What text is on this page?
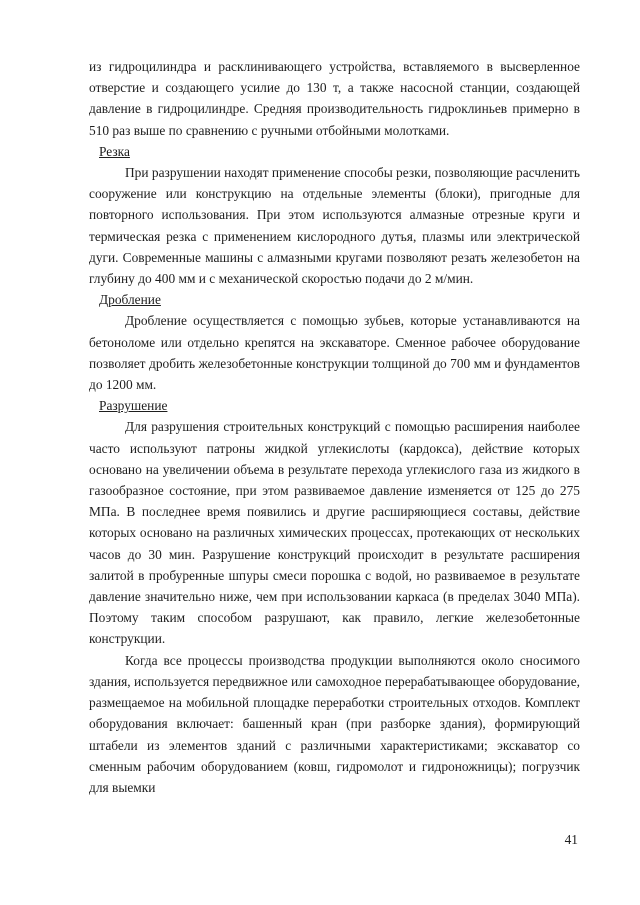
из гидроцилиндра и расклинивающего устройства, вставляемого в высверленное отверстие и создающего усилие до 130 т, а также насосной станции, создающей давление в гидроцилиндре. Средняя производительность гидроклиньев примерно в 510 раз выше по сравнению с ручными отбойными молотками.

Резка

При разрушении находят применение способы резки, позволяющие расчленить сооружение или конструкцию на отдельные элементы (блоки), пригодные для повторного использования. При этом используются алмазные отрезные круги и термическая резка с применением кислородного дутья, плазмы или электрической дуги. Современные машины с алмазными кругами позволяют резать железобетон на глубину до 400 мм и с механической скоростью подачи до 2 м/мин.

Дробление

Дробление осуществляется с помощью зубьев, которые устанавливаются на бетоноломе или отдельно крепятся на экскаваторе. Сменное рабочее оборудование позволяет дробить железобетонные конструкции толщиной до 700 мм и фундаментов до 1200 мм.

Разрушение

Для разрушения строительных конструкций с помощью расширения наиболее часто используют патроны жидкой углекислоты (кардокса), действие которых основано на увеличении объема в результате перехода углекислого газа из жидкого в газообразное состояние, при этом развиваемое давление изменяется от 125 до 275 МПа. В последнее время появились и другие расширяющиеся составы, действие которых основано на различных химических процессах, протекающих от нескольких часов до 30 мин. Разрушение конструкций происходит в результате расширения залитой в пробуренные шпуры смеси порошка с водой, но развиваемое в результате давление значительно ниже, чем при использовании каркаса (в пределах 3040 МПа). Поэтому таким способом разрушают, как правило, легкие железобетонные конструкции.

Когда все процессы производства продукции выполняются около сносимого здания, используется передвижное или самоходное перерабатывающее оборудование, размещаемое на мобильной площадке переработки строительных отходов. Комплект оборудования включает: башенный кран (при разборке здания), формирующий штабели из элементов зданий с различными характеристиками; экскаватор со сменным рабочим оборудованием (ковш, гидромолот и гидроножницы); погрузчик для выемки

41
